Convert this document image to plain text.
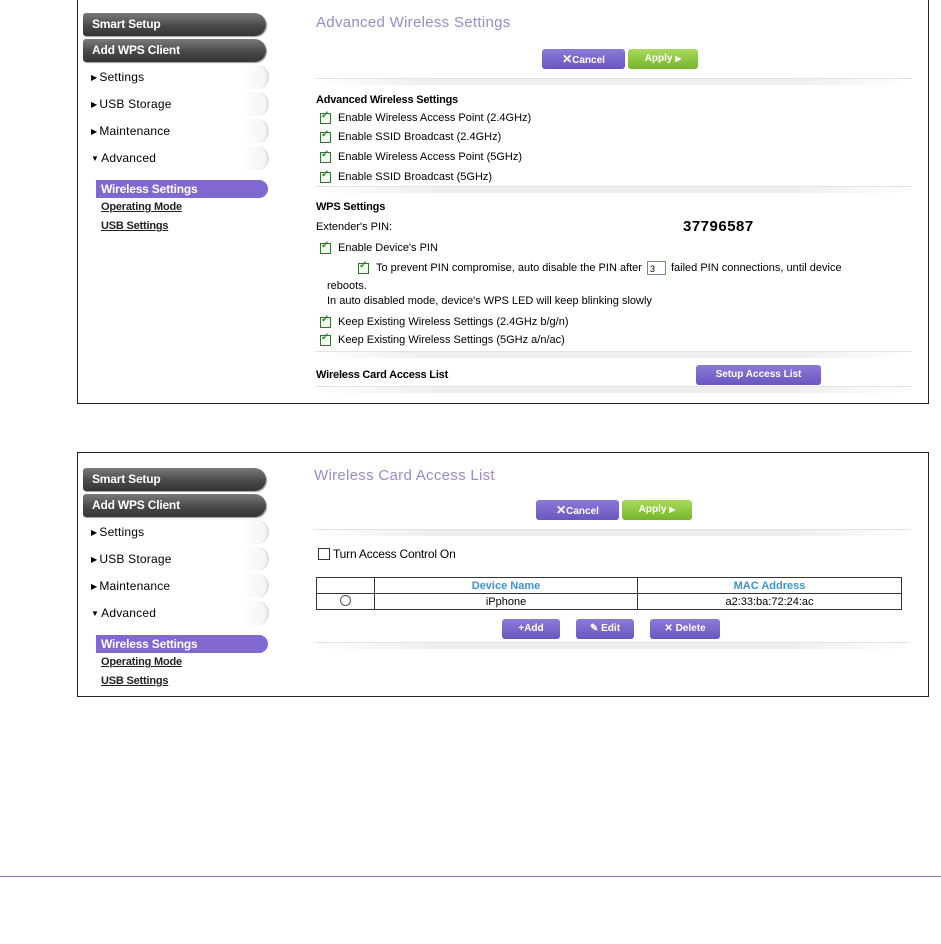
Smart Setup
Add WPS Client
▶ Settings
▶ USB Storage
▶ Maintenance
▼ Advanced
Wireless Settings
Operating Mode
USB Settings
Advanced Wireless Settings
✕Cancel	Apply ▶
Advanced Wireless Settings
✓
Enable Wireless Access Point (2.4GHz)
✓
Enable SSID Broadcast (2.4GHz)
✓
Enable Wireless Access Point (5GHz)
✓
Enable SSID Broadcast (5GHz)
WPS Settings
Extender's PIN:	37796587
✓
Enable Device's PIN
✓
To prevent PIN compromise, auto disable the PIN after 3	failed PIN connections, until device
reboots.
In auto disabled mode, device's WPS LED will keep blinking slowly
✓
Keep Existing Wireless Settings (2.4GHz b/g/n)
✓
Keep Existing Wireless Settings (5GHz a/n/ac)
Wireless Card Access List	Setup Access List
Smart Setup
Add WPS Client
▶ Settings
▶ USB Storage
▶ Maintenance
▼ Advanced
Wireless Settings
Operating Mode
USB Settings
Wireless Card Access List
✕Cancel	Apply ▶
Turn Access Control On
	Device Name	MAC Address
	iPphone	a2:33:ba:72:24:ac
+Add	✎ Edit	✕ Delete
